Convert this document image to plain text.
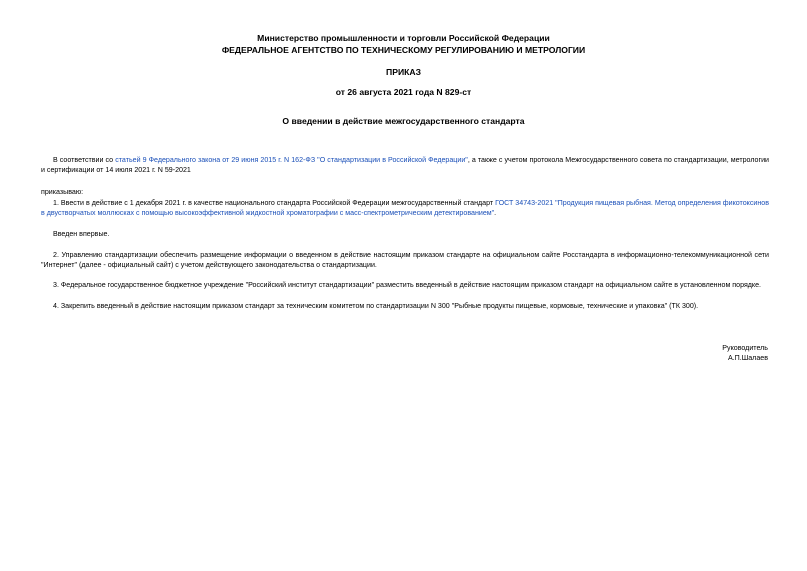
Министерство промышленности и торговли Российской Федерации
ФЕДЕРАЛЬНОЕ АГЕНТСТВО ПО ТЕХНИЧЕСКОМУ РЕГУЛИРОВАНИЮ И МЕТРОЛОГИИ
ПРИКАЗ
от 26 августа 2021 года N 829-ст
О введении в действие межгосударственного стандарта
В соответствии со статьей 9 Федерального закона от 29 июня 2015 г. N 162-ФЗ "О стандартизации в Российской Федерации", а также с учетом протокола Межгосударственного совета по стандартизации, метрологии и сертификации от 14 июля 2021 г. N 59-2021
приказываю:
1. Ввести в действие с 1 декабря 2021 г. в качестве национального стандарта Российской Федерации межгосударственный стандарт ГОСТ 34743-2021 "Продукция пищевая рыбная. Метод определения фикотоксинов в двустворчатых моллюсках с помощью высокоэффективной жидкостной хроматографии с масс-спектрометрическим детектированием".
Введен впервые.
2. Управлению стандартизации обеспечить размещение информации о введенном в действие настоящим приказом стандарте на официальном сайте Росстандарта в информационно-телекоммуникационной сети "Интернет" (далее - официальный сайт) с учетом действующего законодательства о стандартизации.
3. Федеральное государственное бюджетное учреждение "Российский институт стандартизации" разместить введенный в действие настоящим приказом стандарт на официальном сайте в установленном порядке.
4. Закрепить введенный в действие настоящим приказом стандарт за техническим комитетом по стандартизации N 300 "Рыбные продукты пищевые, кормовые, технические и упаковка" (ТК 300).
Руководитель
А.П.Шалаев
